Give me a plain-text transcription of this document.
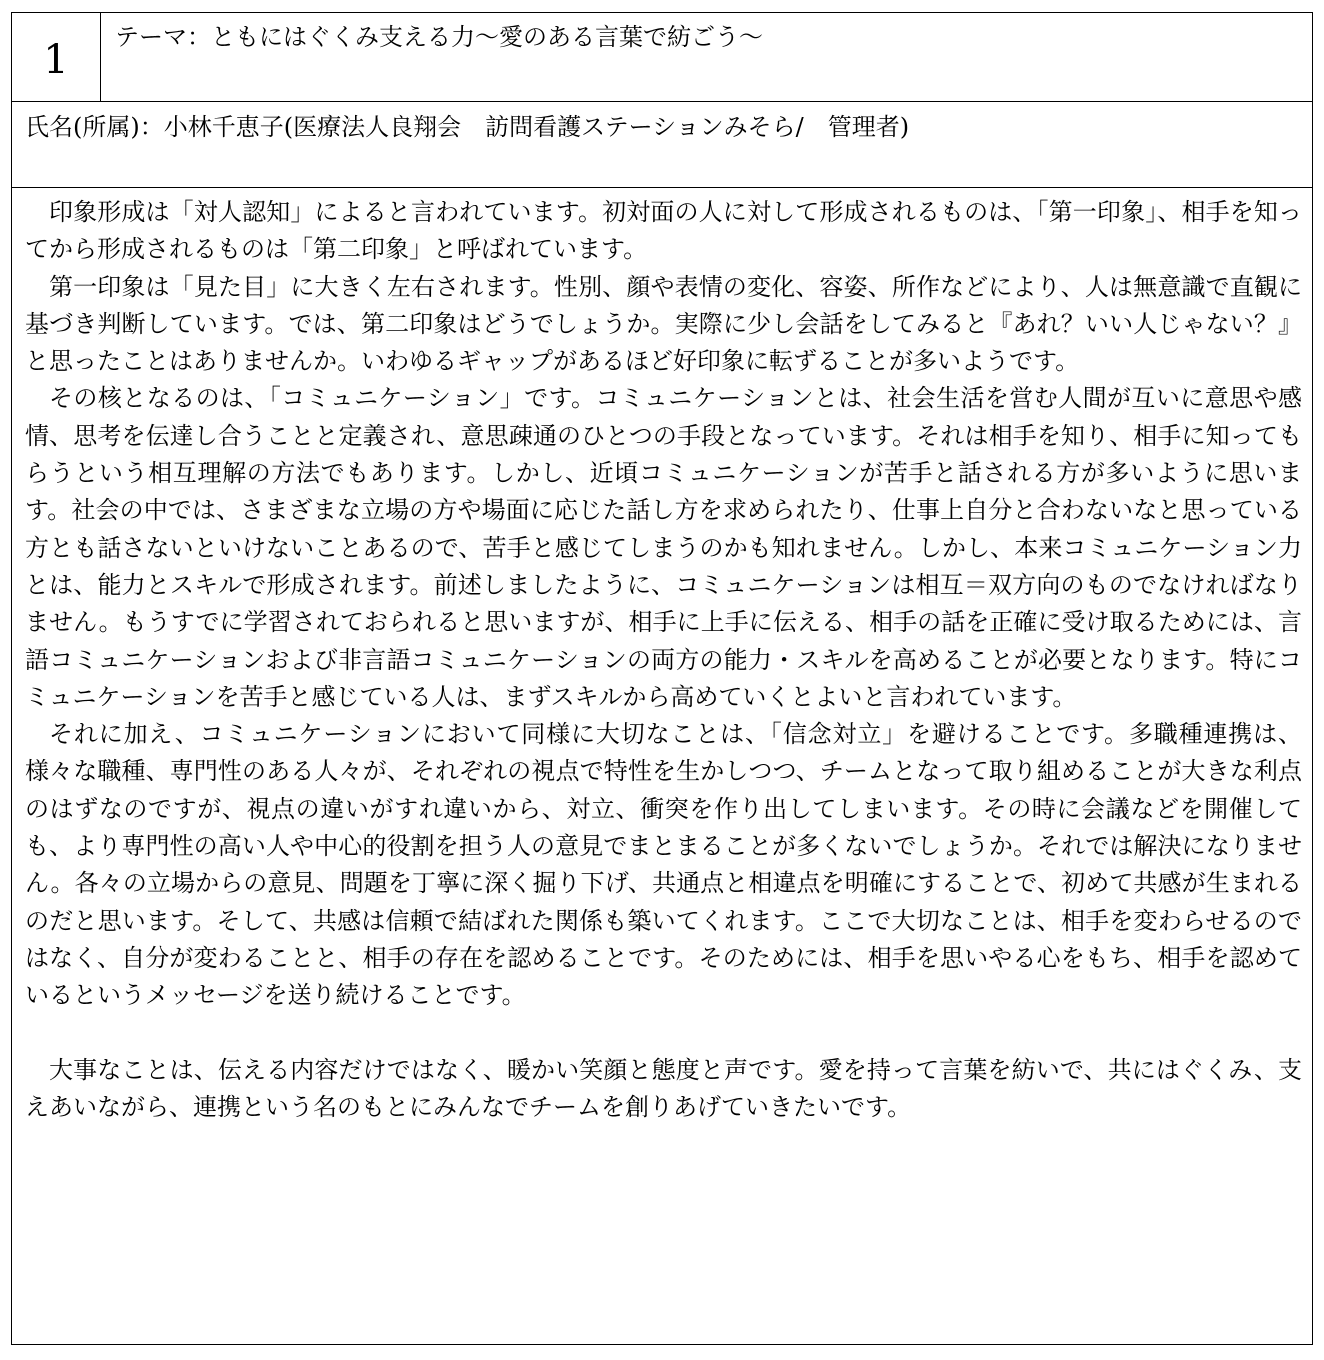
1	テーマ：ともにはぐくみ支える力～愛のある言葉で紡ごう～
氏名(所属)：小林千恵子(医療法人良翔会　訪問看護ステーションみそら/　管理者)

印象形成は「対人認知」によると言われています。初対面の人に対して形成されるものは、「第一印象」、相手を知ってから形成されるものは「第二印象」と呼ばれています。

第一印象は「見た目」に大きく左右されます。性別、顔や表情の変化、容姿、所作などにより、人は無意識で直観に基づき判断しています。では、第二印象はどうでしょうか。実際に少し会話をしてみると『あれ？いい人じゃない？』と思ったことはありませんか。いわゆるギャップがあるほど好印象に転ずることが多いようです。

その核となるのは、「コミュニケーション」です。コミュニケーションとは、社会生活を営む人間が互いに意思や感情、思考を伝達し合うことと定義され、意思疎通のひとつの手段となっています。それは相手を知り、相手に知ってもらうという相互理解の方法でもあります。しかし、近頃コミュニケーションが苦手と話される方が多いように思います。社会の中では、さまざまな立場の方や場面に応じた話し方を求められたり、仕事上自分と合わないなと思っている方とも話さないといけないことあるので、苦手と感じてしまうのかも知れません。しかし、本来コミュニケーション力とは、能力とスキルで形成されます。前述しましたように、コミュニケーションは相互＝双方向のものでなければなりません。もうすでに学習されておられると思いますが、相手に上手に伝える、相手の話を正確に受け取るためには、言語コミュニケーションおよび非言語コミュニケーションの両方の能力・スキルを高めることが必要となります。特にコミュニケーションを苦手と感じている人は、まずスキルから高めていくとよいと言われています。

それに加え、コミュニケーションにおいて同様に大切なことは、「信念対立」を避けることです。多職種連携は、様々な職種、専門性のある人々が、それぞれの視点で特性を生かしつつ、チームとなって取り組めることが大きな利点のはずなのですが、視点の違いがすれ違いから、対立、衝突を作り出してしまいます。その時に会議などを開催しても、より専門性の高い人や中心的役割を担う人の意見でまとまることが多くないでしょうか。それでは解決になりません。各々の立場からの意見、問題を丁寧に深く掘り下げ、共通点と相違点を明確にすることで、初めて共感が生まれるのだと思います。そして、共感は信頼で結ばれた関係も築いてくれます。ここで大切なことは、相手を変わらせるのではなく、自分が変わることと、相手の存在を認めることです。そのためには、相手を思いやる心をもち、相手を認めているというメッセージを送り続けることです。

大事なことは、伝える内容だけではなく、暖かい笑顔と態度と声です。愛を持って言葉を紡いで、共にはぐくみ、支えあいながら、連携という名のもとにみんなでチームを創りあげていきたいです。
